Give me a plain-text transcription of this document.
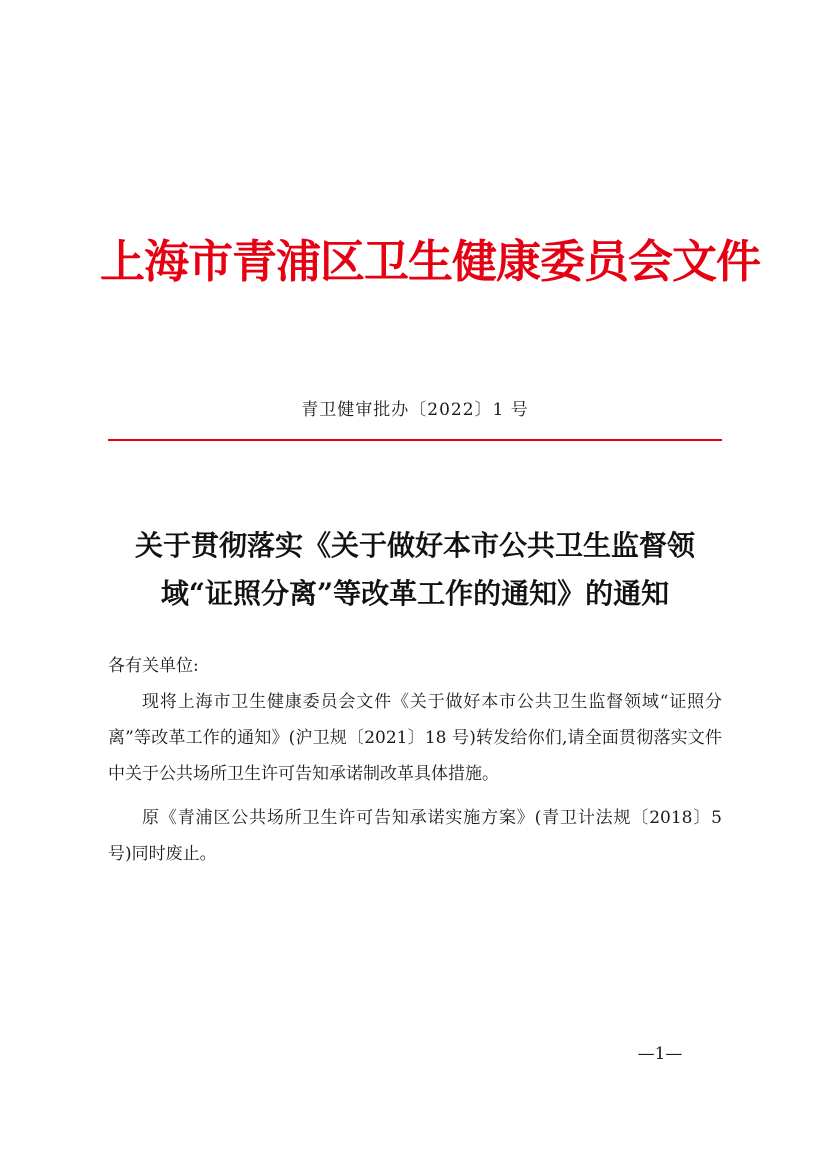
上海市青浦区卫生健康委员会文件
青卫健审批办〔2022〕1 号
关于贯彻落实《关于做好本市公共卫生监督领
域“证照分离”等改革工作的通知》的通知

各有关单位:

现将上海市卫生健康委员会文件《关于做好本市公共卫生监督领域“证照分离”等改革工作的通知》(沪卫规〔2021〕18 号)转发给你们,请全面贯彻落实文件中关于公共场所卫生许可告知承诺制改革具体措施。

原《青浦区公共场所卫生许可告知承诺实施方案》(青卫计法规〔2018〕5 号)同时废止。

—1—
